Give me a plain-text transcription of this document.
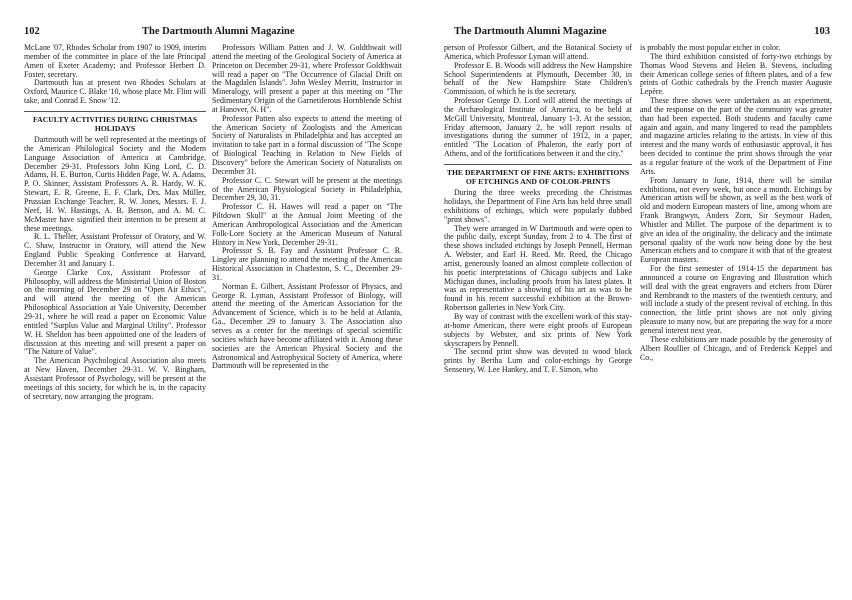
102	The Dartmouth Alumni Magazine

McLane '07, Rhodes Scholar from 1907 to 1909, interim member of the committee in place of the late Principal Amen of Exeter Academy; and Professor Herbert D. Foster, secretary.

Dartmouth has at present two Rhodes Scholars at Oxford, Maurice C. Blake '10, whose place Mr. Flint will take, and Conrad E. Snow '12.

FACULTY ACTIVITIES DURING CHRISTMAS HOLIDAYS

Dartmouth will be well represented at the meetings of the American Philological Society and the Modern Language Association of America at Cambridge, December 29-31. Professors John King Lord, C. D. Adams, H. E. Burton, Curtis Hidden Page, W. A. Adams, P. O. Skinner, Assistant Professors A. R. Hardy, W. K. Stewart, E. R. Greene, E. F. Clark, Drs. Max Müller, Prussian Exchange Teacher, R. W. Jones, Messrs. F. J. Neef, H. W. Hastings, A. B. Benson, and A. M. C. McMaster have signified their intention to be present at these meetings.

R. L. Theller, Assistant Professor of Oratory, and W. C. Shaw, Instructor in Oratory, will attend the New England Public Speaking Conference at Harvard, December 31 and January 1.

George Clarke Cox, Assistant Professor of Philosophy, will address the Ministerial Union of Boston on the morning of December 29 on "Open Air Ethics", and will attend the meeting of the American Philosophical Association at Yale University, December 29-31, where he will read a paper on Economic Value entitled "Surplus Value and Marginal Utility". Professor W. H. Sheldon has been appointed one of the leaders of discussion at this meeting and will present a paper on "The Nature of Value".

The American Psychological Association also meets at New Haven, December 29-31. W. V. Bingham, Assistant Professor of Psychology, will be present at the meetings of this society, for which he is, in the capacity of secretary, now arranging the program.

Professors William Patten and J. W. Goldthwait will attend the meeting of the Geological Society of America at Princeton on December 29-31, where Professor Goldthwait will read a paper on "The Occurrence of Glacial Drift on the Magdalen Islands". John Wesley Merritt, Instructor in Mineralogy, will present a paper at this meeting on "The Sedimentary Origin of the Garnetiferous Hornblende Schist at Hanover, N. H".

Professor Patten also expects to attend the meeting of the American Society of Zoologists and the American Society of Naturalists in Philadelphia and has accepted an invitation to take part in a formal discussion of "The Scope of Biological Teaching in Relation to New Fields of Discovery" before the American Society of Naturalists on December 31.

Professor C. C. Stewart will be present at the meetings of the American Physiological Society in Philadelphia, December 29, 30, 31.

Professor C. H. Hawes will read a paper on "The Piltdown Skull" at the Annual Joint Meeting of the American Anthropological Association and the American Folk-Lore Society at the American Museum of Natural History in New York, December 29-31.

Professor S. B. Fay and Assistant Professor C. R. Lingley are planning to attend the meeting of the American Historical Association in Charleston, S. C., December 29-31.

Norman E. Gilbert, Assistant Professor of Physics, and George R. Lyman, Assistant Professor of Biology, will attend the meeting of the American Association for the Advancement of Science, which is to be held at Atlanta, Ga., December 29 to January 3. The Association also serves as a center for the meetings of special scientific socities which have become affiliated with it. Among these societies are the American Physical Society and the Astronomical and Astrophysical Society of America, where Dartmouth will be represented in the

The Dartmouth Alumni Magazine	103

person of Professor Gilbert, and the Botanical Society of America, which Professor Lyman will attend.

Professor E. B. Woods will address the New Hampshire School Superintendents at Plymouth, December 30, in behalf of the New Hampshire State Children's Commission, of which he is the secretary.

Professor George D. Lord will attend the meetings of the Archæological Institute of America, to be held at McGill University, Montreal, January 1-3. At the session, Friday afternoon, January 2, he will report results of investigations during the summer of 1912, in a paper, entitled "The Location of Phaleron, the early port of Athens, and of the fortifications between it and the city."

THE DEPARTMENT OF FINE ARTS: EXHIBITIONS OF ETCHINGS AND OF COLOR-PRINTS

During the three weeks preceding the Christmas holidays, the Department of Fine Arts has held three small exhibitions of etchings, which were popularly dubbed "print shows".

They were arranged in W Dartmouth and were open to the public daily, except Sunday, from 2 to 4. The first of these shows included etchings by Joseph Pennell, Herman A. Webster, and Earl H. Reed. Mr. Reed, the Chicago artist, generously loaned an almost complete collection of his poetic interpretations of Chicago subjects and Lake Michigan dunes, including proofs from his latest plates. It was as representative a showing of his art as was to be found in his recent successful exhibition at the Brown-Robertson galleries in New York City.

By way of contrast with the excellent work of this stay-at-home American, there were eight proofs of European subjects by Webster, and six prints of New York skyscrapers by Pennell.

The second print show was devoted to wood block prints by Bertha Lum and color-etchings by George Senseney, W. Lee Hankey, and T. F. Simon, who

is probably the most popular etcher in color.

The third exhibition consisted of forty-two etchings by Thomas Wood Stevens and Helen B. Stevens, including their American college series of fifteen plates, and of a few prints of Gothic cathedrals by the French master Auguste Lepère.

These three shows were undertaken as an experiment, and the response on the part of the community was greater than had been expected. Both students and faculty came again and again, and many lingered to read the pamphlets and magazine articles relating to the artists. In view of this interest and the many words of enthusiastic approval, it has been decided to continue the print shows through the year as a regular feature of the work of the Department of Fine Arts.

From January to June, 1914, there will be similar exhibitions, not every week, but once a month. Etchings by American artists will be shown, as well as the best work of old and modern European masters of line, among whom are Frank Brangwyn, Anders Zorn, Sir Seymour Haden, Whistler and Millet. The purpose of the department is to give an idea of the originality, the delicacy and the intimate personal quality of the work now being done by the best American etchers and to compare it with that of the greatest European masters.

For the first semester of 1914-15 the department has announced a course on Engraving and Illustration which will deal with the great engravers and etchers from Dürer and Rembrandt to the masters of the twentieth century, and will include a study of the present revival of etching. In this connection, the little print shows are not only giving pleasure to many now, but are preparing the way for a more general interest next year.

These exhibitions are made possible by the generosity of Albert Roullier of Chicago, and of Frederick Keppel and Co.,
